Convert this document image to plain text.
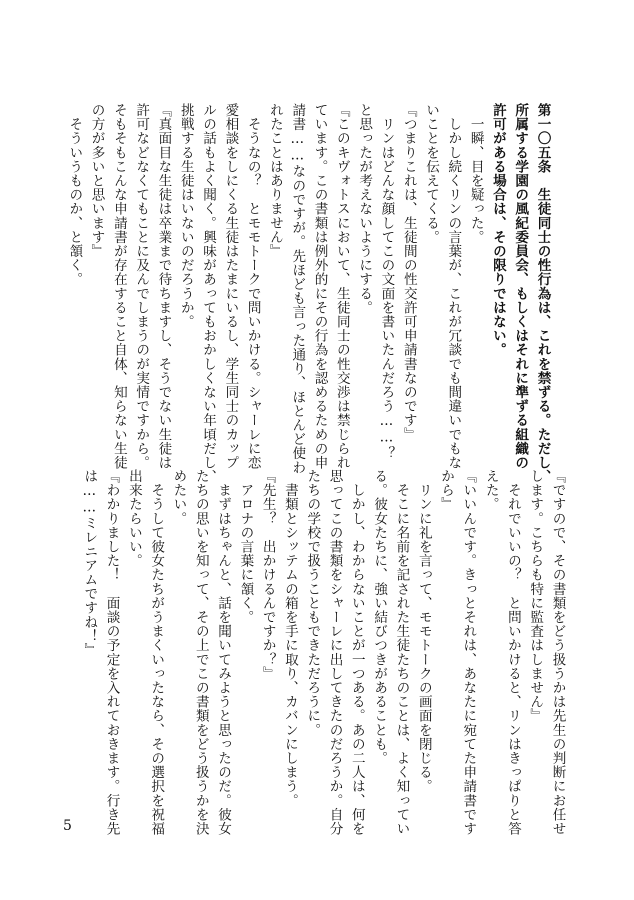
第一〇五条　生徒同士の性行為は、これを禁ずる。ただし、
所属する学園の風紀委員会、もしくはそれに準ずる組織の
許可がある場合は、その限りではない。
　一瞬、目を疑った。
　しかし続くリンの言葉が、これが冗談でも間違いでもな
いことを伝えてくる。
『つまりこれは、生徒間の性交許可申請書なのです』
　リンはどんな顔してこの文面を書いたんだろう……？
と思ったが考えないようにする。
『このキヴォトスにおいて、生徒同士の性交渉は禁じられ
ています。この書類は例外的にその行為を認めるための申
請書……なのですが。先ほども言った通り、ほとんど使わ
れたことはありません』
　そうなの？　とモモトークで問いかける。シャーレに恋
愛相談をしにくる生徒はたまにいるし、学生同士のカップ
ルの話もよく聞く。興味があってもおかしくない年頃だし、
挑戦する生徒はいないのだろうか。
『真面目な生徒は卒業まで待ちますし、そうでない生徒は
許可などなくてもことに及んでしまうのが実情ですから。
そもそもこんな申請書が存在すること自体、知らない生徒
の方が多いと思います』
　そういうものか、と頷く。
『ですので、その書類をどう扱うかは先生の判断にお任せ
します。こちらも特に監査はしません』
　それでいいの？　と問いかけると、リンはきっぱりと答
えた。
『いいんです。きっとそれは、あなたに宛てた申請書です
から』
　リンに礼を言って、モモトークの画面を閉じる。
　そこに名前を記された生徒たちのことは、よく知ってい
る。彼女たちに、強い結びつきがあることも。
　しかし、わからないことが一つある。あの二人は、何を
思ってこの書類をシャーレに出してきたのだろうか。自分
たちの学校で扱うこともできただろうに。
　書類とシッテムの箱を手に取り、カバンにしまう。
『先生？　出かけるんですか？』
　アロナの言葉に頷く。
　まずはちゃんと、話を聞いてみようと思ったのだ。彼女
たちの思いを知って、その上でこの書類をどう扱うかを決
めたい。
　そうして彼女たちがうまくいったなら、その選択を祝福
出来たらいい。
『わかりました！　面談の予定を入れておきます。行き先
は……ミレニアムですね！』
5
